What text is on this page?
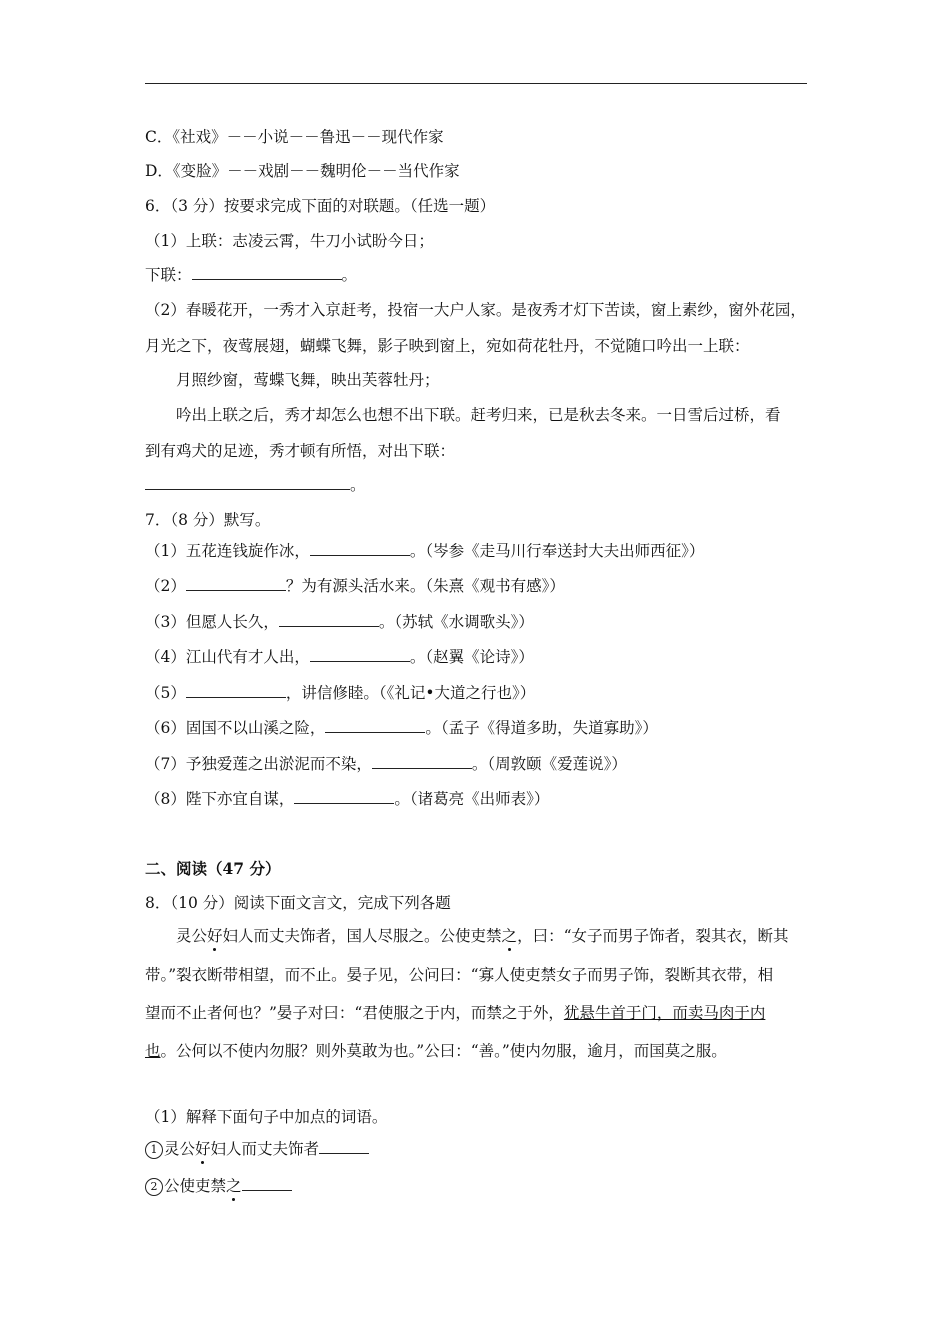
C．《社戏》－－小说－－鲁迅－－现代作家
D．《变脸》－－戏剧－－魏明伦－－当代作家
6．（3 分）按要求完成下面的对联题。（任选一题）
（1）上联：志凌云霄，牛刀小试盼今日；
下联：	。
（2）春暖花开，一秀才入京赶考，投宿一大户人家。是夜秀才灯下苦读，窗上素纱，窗外花园，
月光之下，夜莺展翅，蝴蝶飞舞，影子映到窗上，宛如荷花牡丹，不觉随口吟出一上联：
月照纱窗，莺蝶飞舞，映出芙蓉牡丹；
吟出上联之后，秀才却怎么也想不出下联。赶考归来，已是秋去冬来。一日雪后过桥，看
到有鸡犬的足迹，秀才顿有所悟，对出下联：
。
7．（8 分）默写。
（1）五花连钱旋作冰，	。（岑参《走马川行奉送封大夫出师西征》）
（2）	？为有源头活水来。（朱熹《观书有感》）
（3）但愿人长久，	。（苏轼《水调歌头》）
（4）江山代有才人出，	。（赵翼《论诗》）
（5）	，讲信修睦。（《礼记•大道之行也》）
（6）固国不以山溪之险，	。（孟子《得道多助，失道寡助》）
（7）予独爱莲之出淤泥而不染，	。（周敦颐《爱莲说》）
（8）陛下亦宜自谋，	。（诸葛亮《出师表》）
二、阅读（47 分）
8．（10 分）阅读下面文言文，完成下列各题
灵公好妇人而丈夫饰者，国人尽服之。公使吏禁之，曰：“女子而男子饰者，裂其衣，断其
带。”裂衣断带相望，而不止。晏子见，公问曰：“寡人使吏禁女子而男子饰，裂断其衣带，相
望而不止者何也？”晏子对曰：“君使服之于内，而禁之于外，犹悬牛首于门，而卖马肉于内
也。公何以不使内勿服？则外莫敢为也。”公曰：“善。”使内勿服，逾月，而国莫之服。
（1）解释下面句子中加点的词语。
1 灵公好妇人而丈夫饰者
2 公使吏禁之
